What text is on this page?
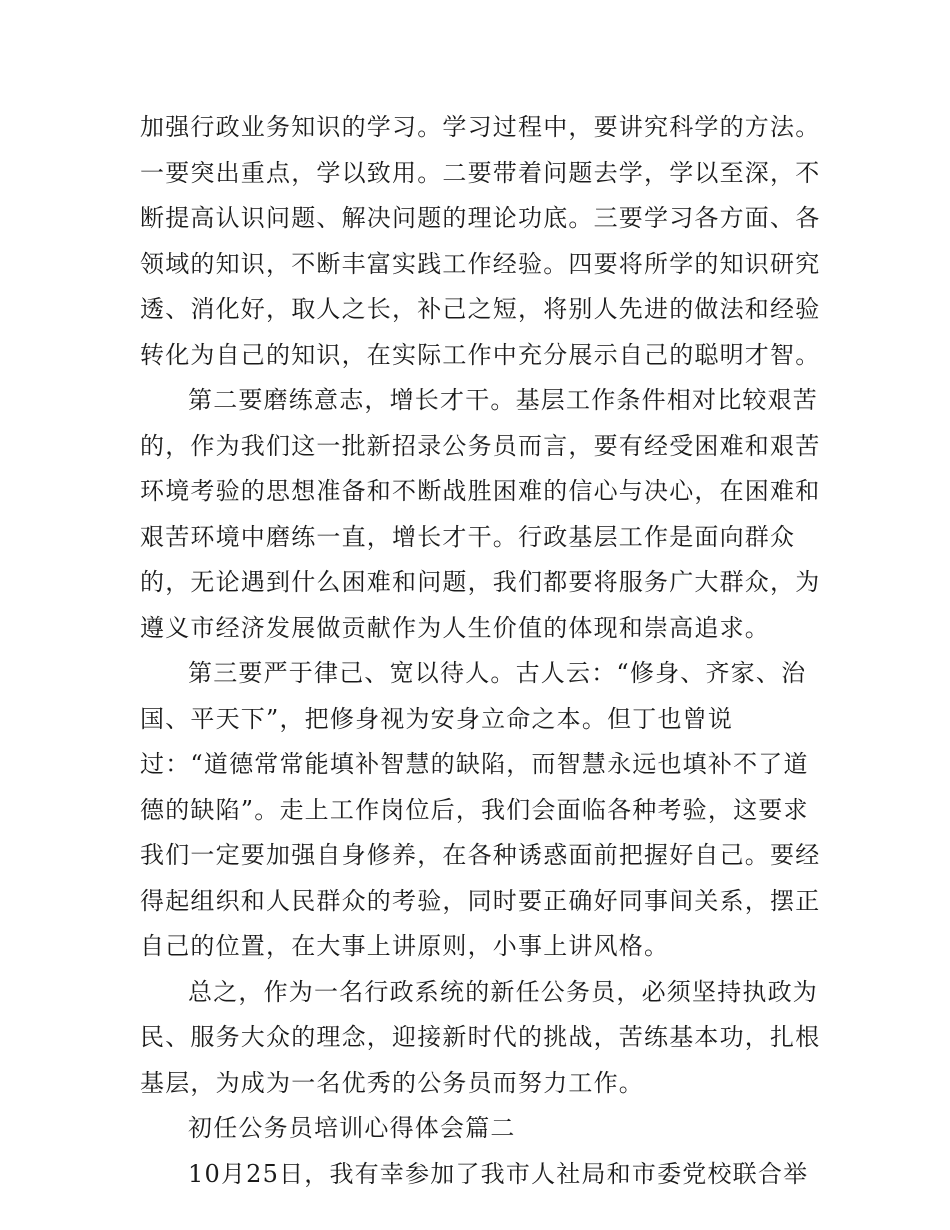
加强行政业务知识的学习。学习过程中，要讲究科学的方法。
一要突出重点，学以致用。二要带着问题去学，学以至深，不
断提高认识问题、解决问题的理论功底。三要学习各方面、各
领域的知识，不断丰富实践工作经验。四要将所学的知识研究
透、消化好，取人之长，补己之短，将别人先进的做法和经验
转化为自己的知识，在实际工作中充分展示自己的聪明才智。
第二要磨练意志，增长才干。基层工作条件相对比较艰苦
的，作为我们这一批新招录公务员而言，要有经受困难和艰苦
环境考验的思想准备和不断战胜困难的信心与决心，在困难和
艰苦环境中磨练一直，增长才干。行政基层工作是面向群众
的，无论遇到什么困难和问题，我们都要将服务广大群众，为
遵义市经济发展做贡献作为人生价值的体现和崇高追求。
第三要严于律己、宽以待人。古人云：“修身、齐家、治
国、平天下”，把修身视为安身立命之本。但丁也曾说
过：“道德常常能填补智慧的缺陷，而智慧永远也填补不了道
德的缺陷”。走上工作岗位后，我们会面临各种考验，这要求
我们一定要加强自身修养，在各种诱惑面前把握好自己。要经
得起组织和人民群众的考验，同时要正确好同事间关系，摆正
自己的位置，在大事上讲原则，小事上讲风格。
总之，作为一名行政系统的新任公务员，必须坚持执政为
民、服务大众的理念，迎接新时代的挑战，苦练基本功，扎根
基层，为成为一名优秀的公务员而努力工作。
初任公务员培训心得体会篇二
10月25日，我有幸参加了我市人社局和市委党校联合举
